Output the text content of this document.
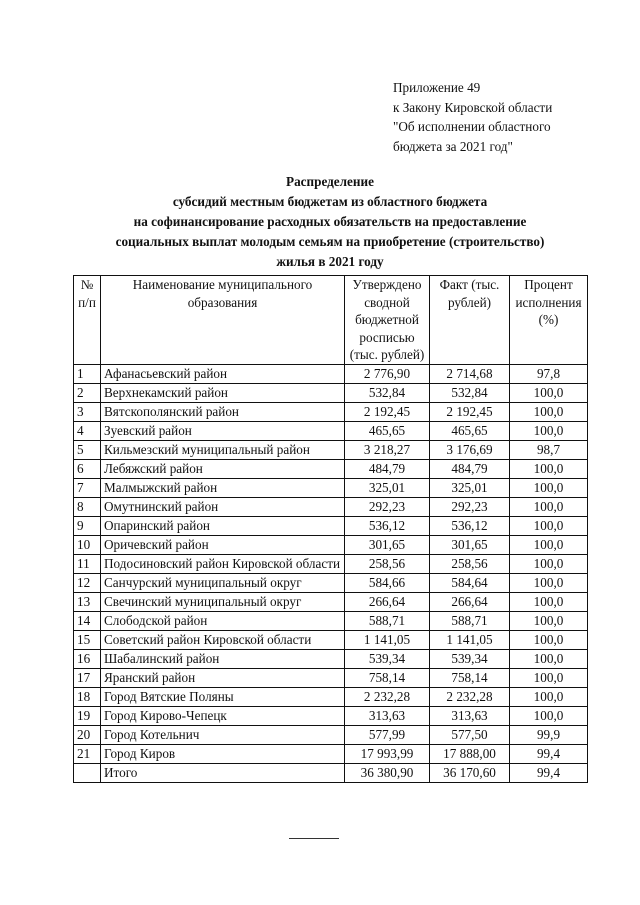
Приложение 49
к Закону Кировской области
"Об исполнении областного
бюджета за 2021 год"
Распределение
субсидий местным бюджетам из областного бюджета
на софинансирование расходных обязательств на предоставление
социальных выплат молодым семьям на приобретение (строительство)
жилья в 2021 году
№ п/п	Наименование муниципального образования	Утверждено сводной бюджетной росписью (тыс. рублей)	Факт (тыс. рублей)	Процент исполнения (%)
1	Афанасьевский район	2 776,90	2 714,68	97,8
2	Верхнекамский район	532,84	532,84	100,0
3	Вятскополянский район	2 192,45	2 192,45	100,0
4	Зуевский район	465,65	465,65	100,0
5	Кильмезский муниципальный район	3 218,27	3 176,69	98,7
6	Лебяжский район	484,79	484,79	100,0
7	Малмыжский район	325,01	325,01	100,0
8	Омутнинский район	292,23	292,23	100,0
9	Опаринский район	536,12	536,12	100,0
10	Оричевский район	301,65	301,65	100,0
11	Подосиновский район Кировской области	258,56	258,56	100,0
12	Санчурский муниципальный округ	584,66	584,64	100,0
13	Свечинский муниципальный округ	266,64	266,64	100,0
14	Слободской район	588,71	588,71	100,0
15	Советский район Кировской области	1 141,05	1 141,05	100,0
16	Шабалинский район	539,34	539,34	100,0
17	Яранский район	758,14	758,14	100,0
18	Город Вятские Поляны	2 232,28	2 232,28	100,0
19	Город Кирово-Чепецк	313,63	313,63	100,0
20	Город Котельнич	577,99	577,50	99,9
21	Город Киров	17 993,99	17 888,00	99,4
	Итого	36 380,90	36 170,60	99,4
